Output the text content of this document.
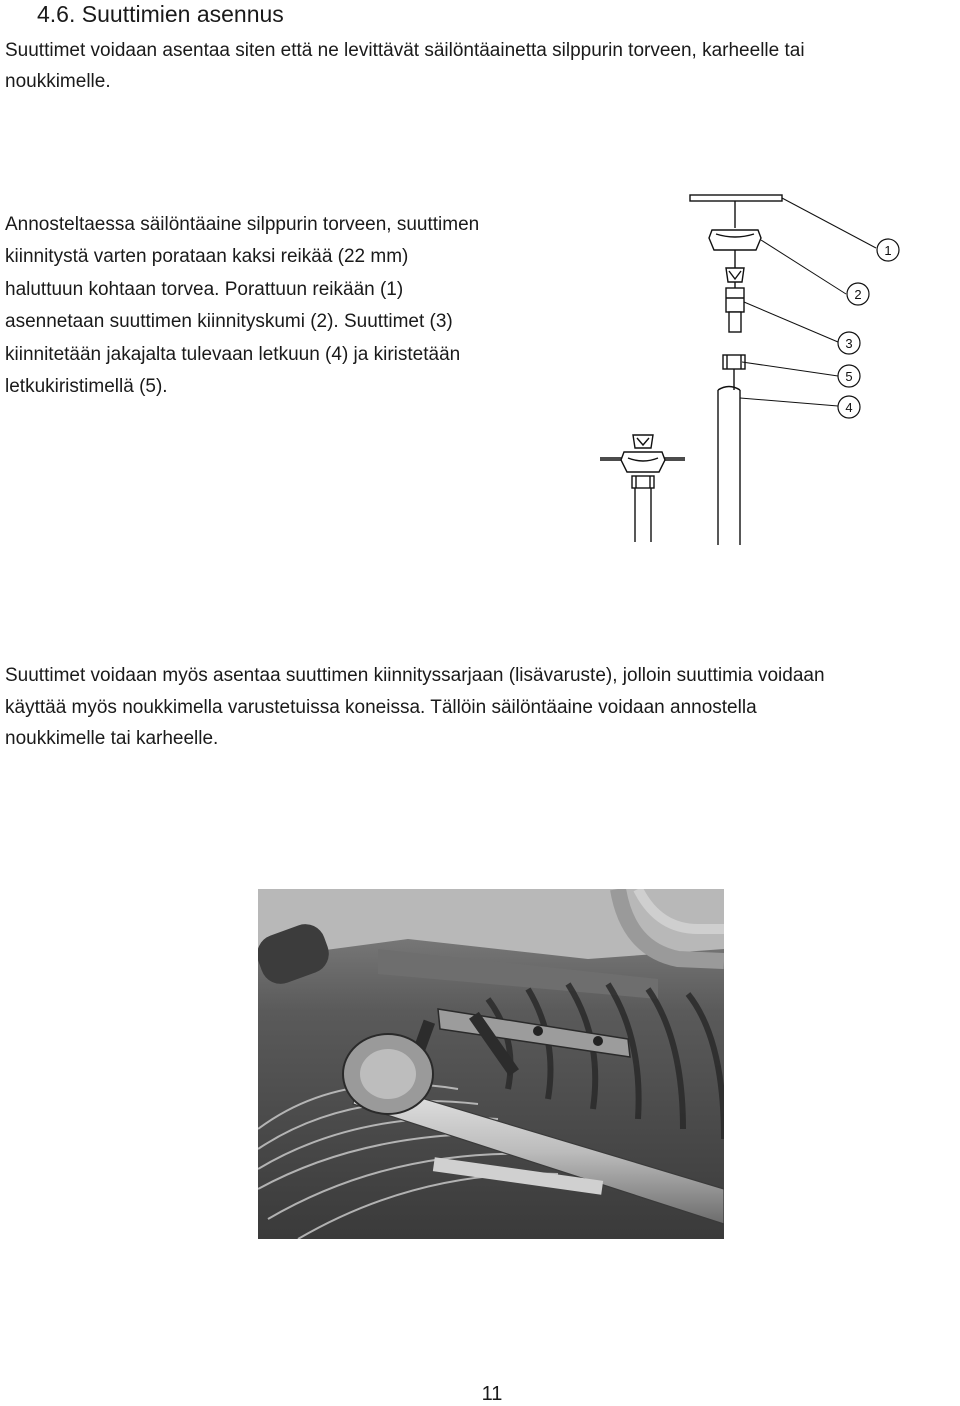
4.6. Suuttimien asennus
Suuttimet voidaan asentaa siten että ne levittävät säilöntäainetta silppurin torveen, karheelle tai
noukkimelle.
Annosteltaessa säilöntäaine silppurin torveen, suuttimen
kiinnitystä varten porataan kaksi reikää (22 mm)
haluttuun kohtaan torvea. Porattuun reikään (1)
asennetaan suuttimen kiinnityskumi (2). Suuttimet (3)
kiinnitetään jakajalta tulevaan letkuun (4) ja kiristetään
letkukiristimellä (5).
1
2
3
5
4
Suuttimet voidaan myös asentaa suuttimen kiinnityssarjaan (lisävaruste), jolloin suuttimia voidaan
käyttää myös noukkimella varustetuissa koneissa. Tällöin säilöntäaine voidaan annostella
noukkimelle tai karheelle.
11
